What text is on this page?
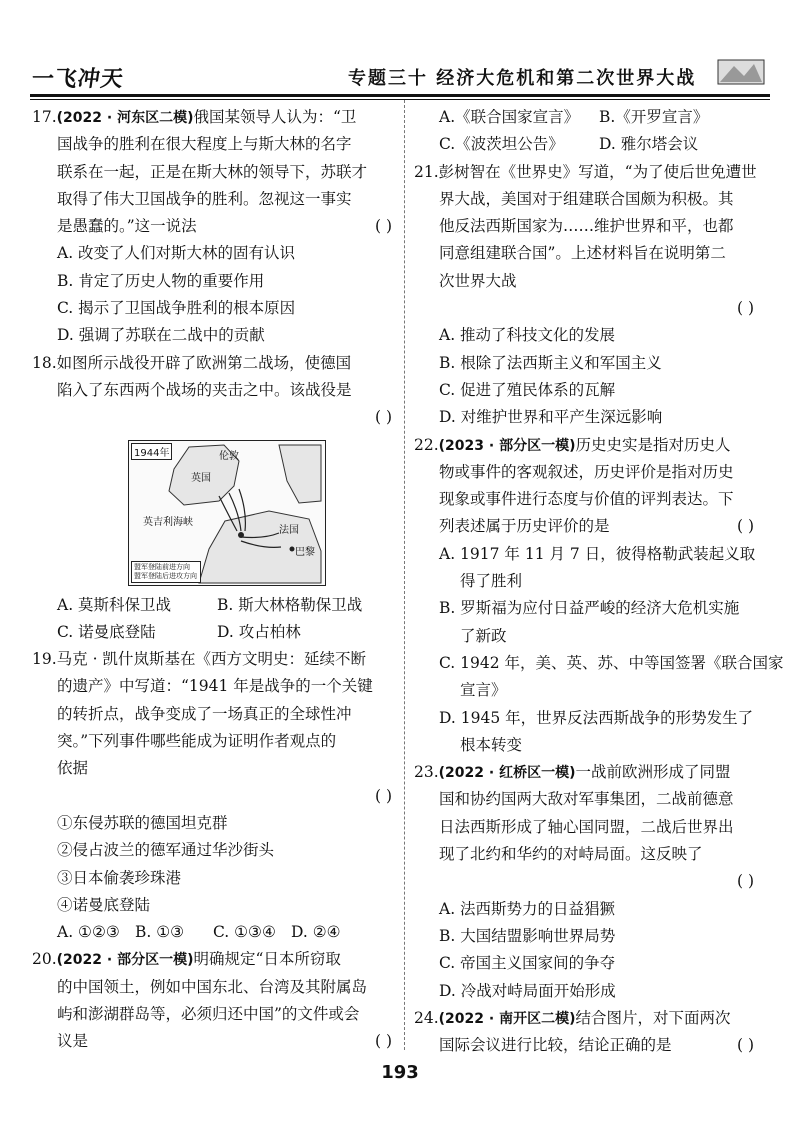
一飞冲天	专题三十 经济大危机和第二次世界大战
17.(2022 · 河东区二模)俄国某领导人认为：“卫
国战争的胜利在很大程度上与斯大林的名字
联系在一起，正是在斯大林的领导下，苏联才
取得了伟大卫国战争的胜利。忽视这一事实
是愚蠢的。”这一说法	( )
A. 改变了人们对斯大林的固有认识
B. 肯定了历史人物的重要作用
C. 揭示了卫国战争胜利的根本原因
D. 强调了苏联在二战中的贡献
18.如图所示战役开辟了欧洲第二战场，使德国
陷入了东西两个战场的夹击之中。该战役是
( )
1944年	伦敦
英国
英吉利海峡
法国
巴黎
盟军登陆前进方向
盟军登陆后进攻方向
A. 莫斯科保卫战	B. 斯大林格勒保卫战
C. 诺曼底登陆	D. 攻占柏林
19.马克 · 凯什岚斯基在《西方文明史：延续不断
的遗产》中写道：“1941 年是战争的一个关键
的转折点，战争变成了一场真正的全球性冲
突。”下列事件哪些能成为证明作者观点的
依据
( )
①东侵苏联的德国坦克群
②侵占波兰的德军通过华沙街头
③日本偷袭珍珠港
④诺曼底登陆
A. ①②③ B. ①③	C. ①③④ D. ②④
20.(2022 · 部分区一模)明确规定“日本所窃取
的中国领土，例如中国东北、台湾及其附属岛
屿和澎湖群岛等，必须归还中国”的文件或会
议是	( )
A.《联合国家宣言》	B.《开罗宣言》
C.《波茨坦公告》	D. 雅尔塔会议
21.彭树智在《世界史》写道，“为了使后世免遭世
界大战，美国对于组建联合国颇为积极。其
他反法西斯国家为……维护世界和平，也都
同意组建联合国”。上述材料旨在说明第二
次世界大战
( )
A. 推动了科技文化的发展
B. 根除了法西斯主义和军国主义
C. 促进了殖民体系的瓦解
D. 对维护世界和平产生深远影响
22.(2023 · 部分区一模)历史史实是指对历史人
物或事件的客观叙述，历史评价是指对历史
现象或事件进行态度与价值的评判表达。下
列表述属于历史评价的是	( )
A. 1917 年 11 月 7 日，彼得格勒武装起义取
得了胜利
B. 罗斯福为应付日益严峻的经济大危机实施
了新政
C. 1942 年，美、英、苏、中等国签署《联合国家
宣言》
D. 1945 年，世界反法西斯战争的形势发生了
根本转变
23.(2022 · 红桥区一模)一战前欧洲形成了同盟
国和协约国两大敌对军事集团，二战前德意
日法西斯形成了轴心国同盟，二战后世界出
现了北约和华约的对峙局面。这反映了
( )
A. 法西斯势力的日益猖獗
B. 大国结盟影响世界局势
C. 帝国主义国家间的争夺
D. 冷战对峙局面开始形成
24.(2022 · 南开区二模)结合图片，对下面两次
国际会议进行比较，结论正确的是	( )
193
